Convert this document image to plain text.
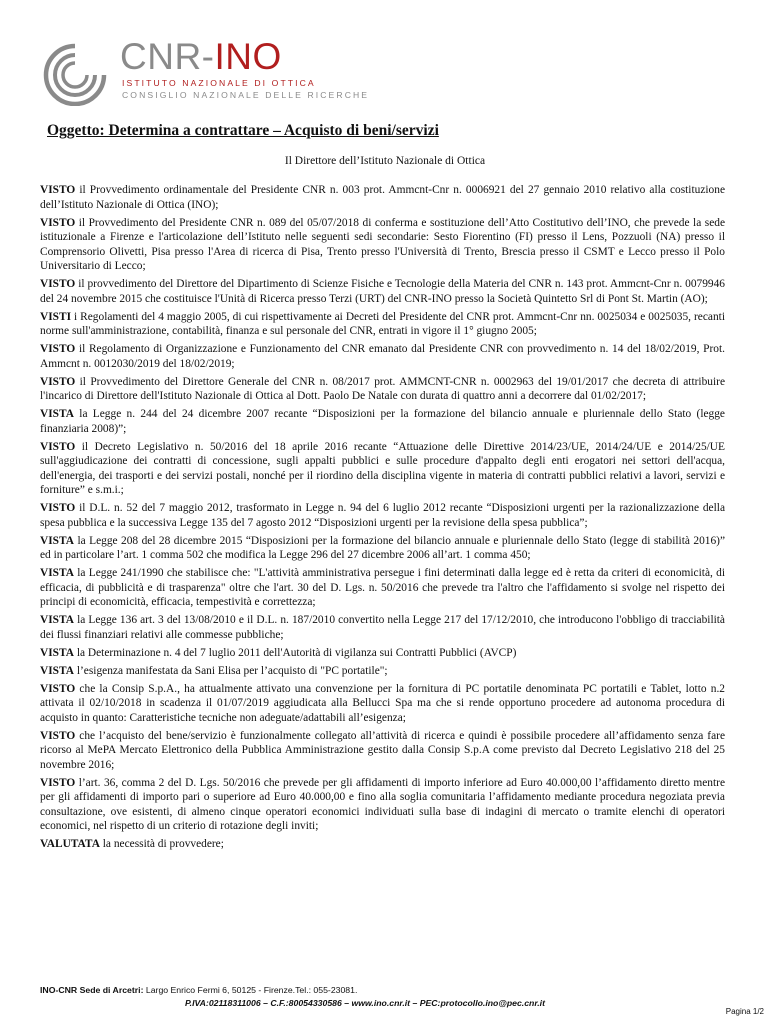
CNR-INO
ISTITUTO NAZIONALE DI OTTICA
CONSIGLIO NAZIONALE DELLE RICERCHE
Oggetto: Determina a contrattare – Acquisto di beni/servizi
Il Direttore dell’Istituto Nazionale di Ottica

VISTO il Provvedimento ordinamentale del Presidente CNR n. 003 prot. Ammcnt-Cnr n. 0006921 del 27 gennaio 2010 relativo alla costituzione dell’Istituto Nazionale di Ottica (INO);

VISTO il Provvedimento del Presidente CNR n. 089 del 05/07/2018 di conferma e sostituzione dell’Atto Costitutivo dell’INO, che prevede la sede istituzionale a Firenze e l'articolazione dell’Istituto nelle seguenti sedi secondarie: Sesto Fiorentino (FI) presso il Lens, Pozzuoli (NA) presso il Comprensorio Olivetti, Pisa presso l'Area di ricerca di Pisa, Trento presso l'Università di Trento, Brescia presso il CSMT e Lecco presso il Polo Universitario di Lecco;

VISTO il provvedimento del Direttore del Dipartimento di Scienze Fisiche e Tecnologie della Materia del CNR n. 143 prot. Ammcnt-Cnr n. 0079946 del 24 novembre 2015 che costituisce l'Unità di Ricerca presso Terzi (URT) del CNR-INO presso la Società Quintetto Srl di Pont St. Martin (AO);

VISTI i Regolamenti del 4 maggio 2005, di cui rispettivamente ai Decreti del Presidente del CNR prot. Ammcnt-Cnr nn. 0025034 e 0025035, recanti norme sull'amministrazione, contabilità, finanza e sul personale del CNR, entrati in vigore il 1° giugno 2005;

VISTO il Regolamento di Organizzazione e Funzionamento del CNR emanato dal Presidente CNR con provvedimento n. 14 del 18/02/2019, Prot. Ammcnt n. 0012030/2019 del 18/02/2019;

VISTO il Provvedimento del Direttore Generale del CNR n. 08/2017 prot. AMMCNT-CNR n. 0002963 del 19/01/2017 che decreta di attribuire l'incarico di Direttore dell'Istituto Nazionale di Ottica al Dott. Paolo De Natale con durata di quattro anni a decorrere dal 01/02/2017;

VISTA la Legge n. 244 del 24 dicembre 2007 recante “Disposizioni per la formazione del bilancio annuale e pluriennale dello Stato (legge finanziaria 2008)”;

VISTO il Decreto Legislativo n. 50/2016 del 18 aprile 2016 recante “Attuazione delle Direttive 2014/23/UE, 2014/24/UE e 2014/25/UE sull'aggiudicazione dei contratti di concessione, sugli appalti pubblici e sulle procedure d'appalto degli enti erogatori nei settori dell'acqua, dell'energia, dei trasporti e dei servizi postali, nonché per il riordino della disciplina vigente in materia di contratti pubblici relativi a lavori, servizi e forniture” e s.m.i.;

VISTO il D.L. n. 52 del 7 maggio 2012, trasformato in Legge n. 94 del 6 luglio 2012 recante “Disposizioni urgenti per la razionalizzazione della spesa pubblica e la successiva Legge 135 del 7 agosto 2012 “Disposizioni urgenti per la revisione della spesa pubblica”;

VISTA la Legge 208 del 28 dicembre 2015 “Disposizioni per la formazione del bilancio annuale e pluriennale dello Stato (legge di stabilità 2016)” ed in particolare l’art. 1 comma 502 che modifica la Legge 296 del 27 dicembre 2006 all’art. 1 comma 450;

VISTA la Legge 241/1990 che stabilisce che: "L'attività amministrativa persegue i fini determinati dalla legge ed è retta da criteri di economicità, di efficacia, di pubblicità e di trasparenza" oltre che l'art. 30 del D. Lgs. n. 50/2016 che prevede tra l'altro che l'affidamento si svolge nel rispetto dei principi di economicità, efficacia, tempestività e correttezza;

VISTA la Legge 136 art. 3 del 13/08/2010 e il D.L. n. 187/2010 convertito nella Legge 217 del 17/12/2010, che introducono l'obbligo di tracciabilità dei flussi finanziari relativi alle commesse pubbliche;

VISTA la Determinazione n. 4 del 7 luglio 2011 dell'Autorità di vigilanza sui Contratti Pubblici (AVCP)

VISTA l’esigenza manifestata da Sani Elisa per l’acquisto di "PC portatile";

VISTO che la Consip S.p.A., ha attualmente attivato una convenzione per la fornitura di PC portatile denominata PC portatili e Tablet, lotto n.2 attivata il 02/10/2018 in scadenza il 01/07/2019 aggiudicata alla Bellucci Spa ma che si rende opportuno procedere ad autonoma procedura di acquisto in quanto: Caratteristiche tecniche non adeguate/adattabili all’esigenza;

VISTO che l’acquisto del bene/servizio è funzionalmente collegato all’attività di ricerca e quindi è possibile procedere all’affidamento senza fare ricorso al MePA Mercato Elettronico della Pubblica Amministrazione gestito dalla Consip S.p.A come previsto dal Decreto Legislativo 218 del 25 novembre 2016;

VISTO l’art. 36, comma 2 del D. Lgs. 50/2016 che prevede per gli affidamenti di importo inferiore ad Euro 40.000,00 l’affidamento diretto mentre per gli affidamenti di importo pari o superiore ad Euro 40.000,00 e fino alla soglia comunitaria l’affidamento mediante procedura negoziata previa consultazione, ove esistenti, di almeno cinque operatori economici individuati sulla base di indagini di mercato o tramite elenchi di operatori economici, nel rispetto di un criterio di rotazione degli inviti;

VALUTATA la necessità di provvedere;

INO-CNR Sede di Arcetri: Largo Enrico Fermi 6, 50125 - Firenze.Tel.: 055-23081.
P.IVA:02118311006 – C.F.:80054330586 – www.ino.cnr.it – PEC:protocollo.ino@pec.cnr.it
Pagina 1/2
